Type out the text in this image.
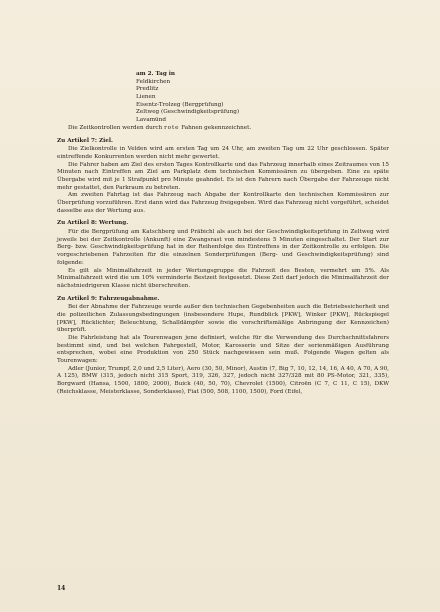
am 2. Tag in
Feldkirchen
Predlitz
Lienen
Eisentz-Trolzeg (Bergprüfung)
Zeltweg (Geschwindigkeitsprüfung)
Lavamünd

Die Zeitkontrollen werden durch rote Fahnen gekennzeichnet.

Zu Artikel 7: Ziel.

Die Zielkontrolle in Velden wird am ersten Tag um 24 Uhr, am zweiten Tag um 22 Uhr geschlossen. Später eintreffende Konkurrenten werden nicht mehr gewertet.

Die Fahrer haben am Ziel des ersten Tages Kontrollkarte und das Fahrzeug innerhalb eines Zeitraumes von 15 Minuten nach Eintreffen am Ziel am Parkplatz dem technischen Kommissären zu übergeben. Eine zu späte Übergabe wird mit je 1 Strafpunkt pro Minute geahndet. Es ist den Fahrern nach Übergabe der Fahrzeuge nicht mehr gestattet, den Parkraum zu betreten.

Am zweiten Fahrtag ist das Fahrzeug nach Abgabe der Kontrollkarte den technischen Kommissären zur Überprüfung vorzuführen. Erst dann wird das Fahrzeug freigegeben. Wird das Fahrzeug nicht vorgeführt, scheidet dasselbe aus der Wertung aus.

Zu Artikel 8: Wertung.

Für die Bergprüfung am Katschberg und Präbichl als auch bei der Geschwindigkeitsprüfung in Zeltweg wird jeweils bei der Zeitkontrolle (Ankunft) eine Zwangsrast von mindestens 5 Minuten eingeschaltet. Der Start zur Berg- bzw. Geschwindigkeitsprüfung hat in der Reihenfolge des Eintreffens in der Zeitkontrolle zu erfolgen. Die vorgeschriebenen Fahrzeiten für die einzelnen Sonderprüfungen (Berg- und Geschwindigkeitsprüfung) sind folgende:

Es gilt als Minimalfahrzeit in jeder Wertungsgruppe die Fahrzeit des Besten, vermehrt um 5%. Als Minimalfahrzeit wird die um 10% verminderte Bestzeit festgesetzt. Diese Zeit darf jedoch die Minimalfahrzeit der nächstniedrigeren Klasse nicht überschreiten.

Zu Artikel 9: Fahrzeugabnahme.

Bei der Abnahme der Fahrzeuge wurde außer den technischen Gegebenheiten auch die Betriebssicherheit und die polizeilichen Zulassungsbedingungen (insbesondere Hupe, Rundblick [PKW], Winker [PKW], Rückspiegel [PKW], Rücklichter, Beleuchtung, Schalldämpfer sowie die vorschriftsmäßige Anbringung der Kennzeichen) überprüft.

Die Fahrleistung hat als Tourenwagen jene definiert, welche für die Verwendung des Durchschnittsfahrers bestimmt sind, und bei welchen Fahrgestell, Motor, Karosserie und Sitze der serienmäßigen Ausführung entsprechen, wobei eine Produktion von 250 Stück nachgewiesen sein muß. Folgende Wagen gelten als Tourenwagen:

Adler (Junior, Trumpf, 2,0 und 2,5 Liter), Aero (30, 50, Minor), Austin (7, Big 7, 10, 12, 14, 16, A 40, A 70, A 90, A 125), BMW (315, jedoch nicht 315 Sport, 319, 326, 327, jedoch nicht 327/328 mit 80 PS-Motor, 321, 335), Borgward (Hansa, 1500, 1800, 2000), Buick (40, 50, 70), Chevrolet (1500), Citroën (C 7, C 11, C 15), DKW (Reichsklasse, Meisterklasse, Sonderklasse), Fiat (500, 508, 1100, 1500), Ford (Eifel,

14
